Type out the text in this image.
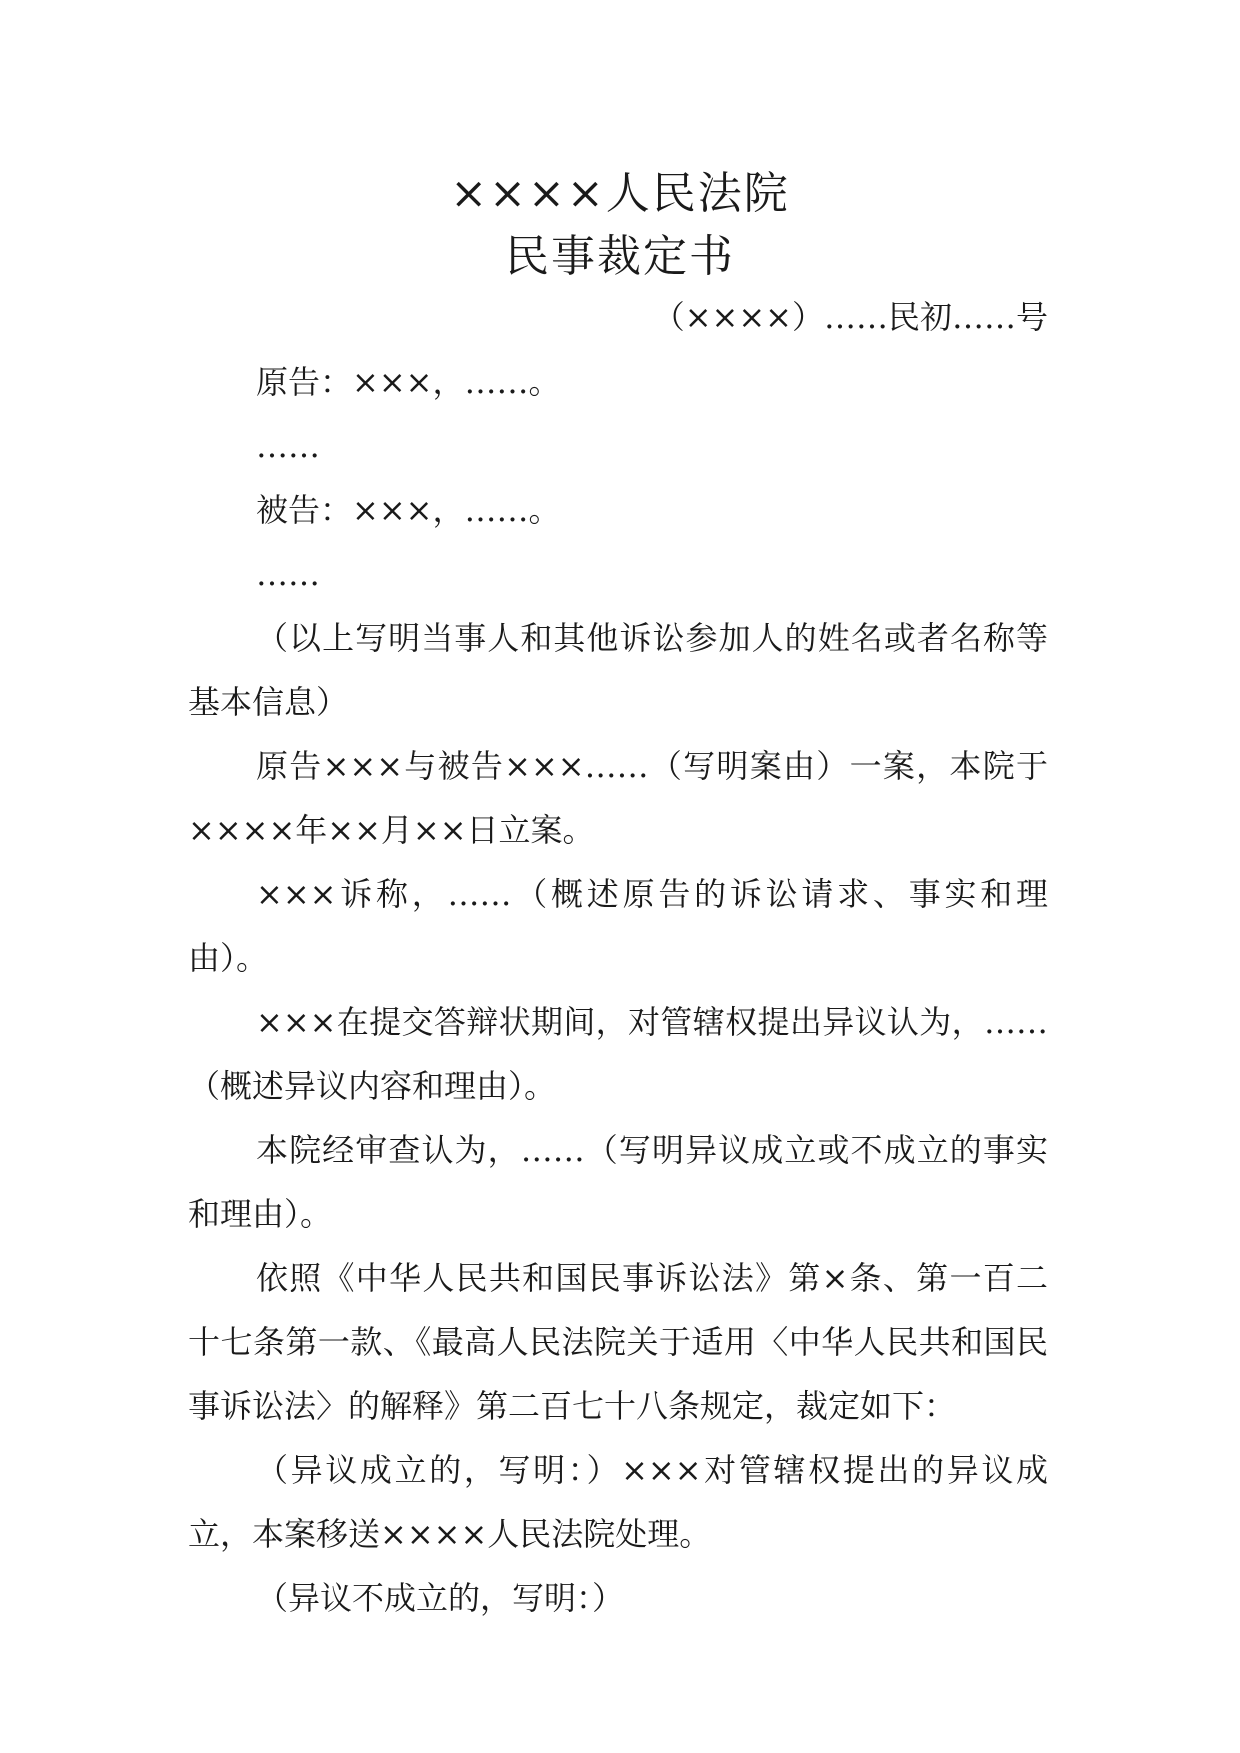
××××人民法院
民事裁定书
（××××）……民初……号

原告：×××，……。

……

被告：×××，……。

……

（以上写明当事人和其他诉讼参加人的姓名或者名称等基本信息）

原告×××与被告×××……（写明案由）一案，本院于××××年××月××日立案。

×××诉称，……（概述原告的诉讼请求、事实和理由）。

×××在提交答辩状期间，对管辖权提出异议认为，……（概述异议内容和理由）。

本院经审查认为，……（写明异议成立或不成立的事实和理由）。

依照《中华人民共和国民事诉讼法》第×条、第一百二十七条第一款、《最高人民法院关于适用〈中华人民共和国民事诉讼法〉的解释》第二百七十八条规定，裁定如下：

（异议成立的，写明：）×××对管辖权提出的异议成立，本案移送××××人民法院处理。

（异议不成立的，写明：）
